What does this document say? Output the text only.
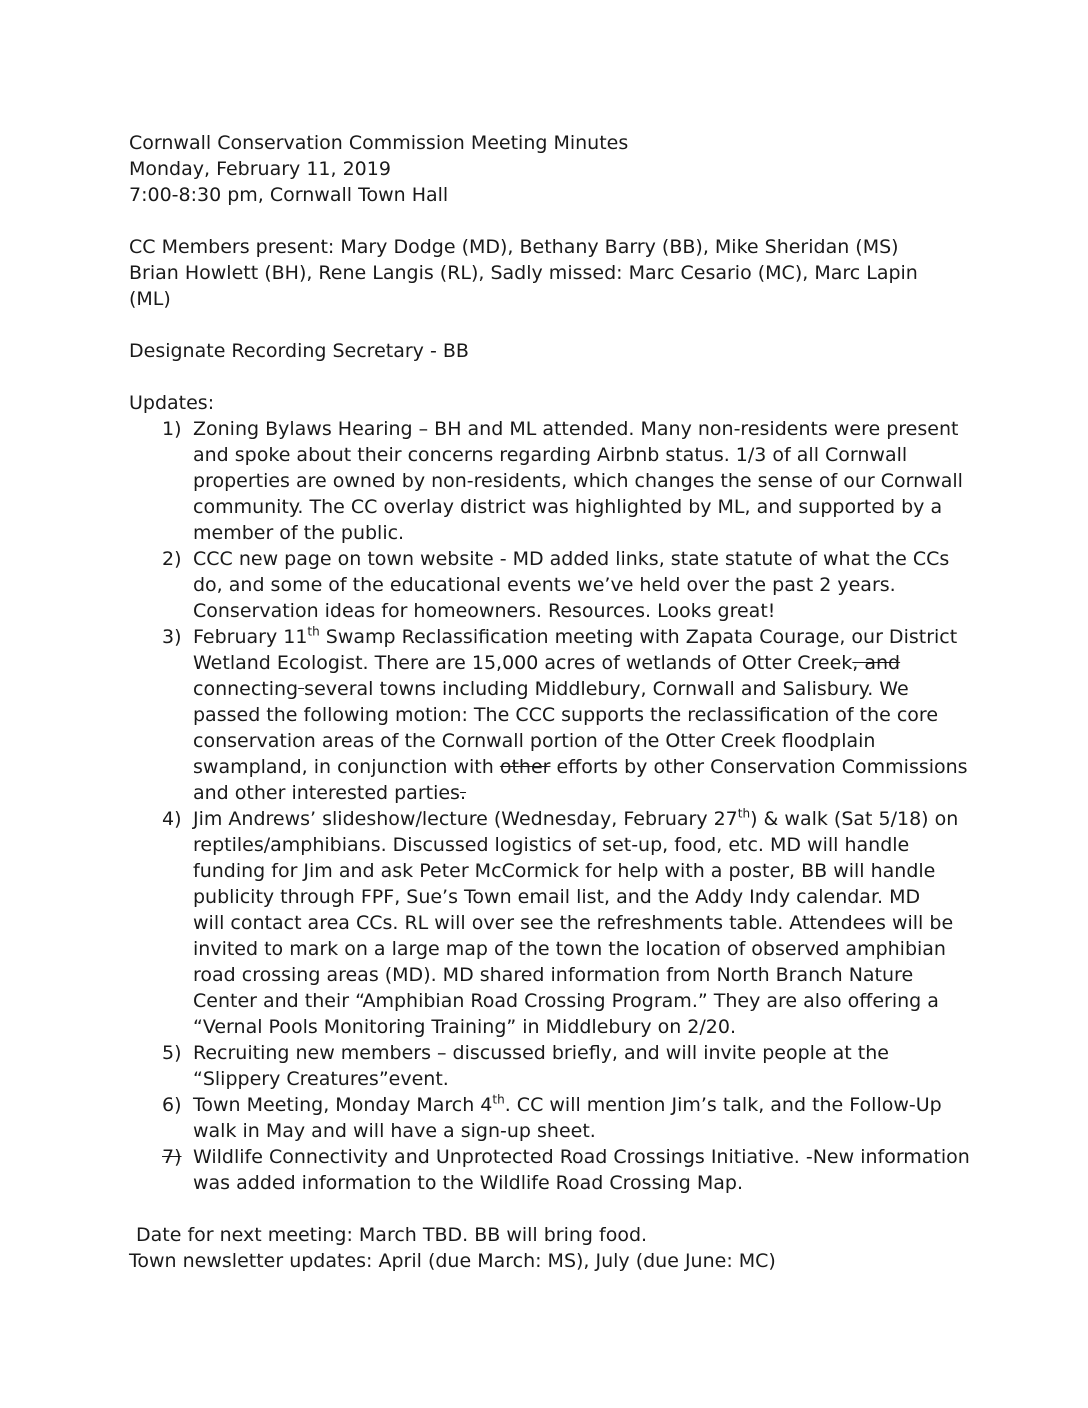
Cornwall Conservation Commission Meeting Minutes
Monday, February 11, 2019
7:00-8:30 pm, Cornwall Town Hall
CC Members present: Mary Dodge (MD), Bethany Barry (BB), Mike Sheridan (MS)
Brian Howlett (BH), Rene Langis (RL), Sadly missed: Marc Cesario (MC), Marc Lapin
(ML)
Designate Recording Secretary - BB
Updates:
1) Zoning Bylaws Hearing – BH and ML attended. Many non-residents were present
and spoke about their concerns regarding Airbnb status. 1/3 of all Cornwall
properties are owned by non-residents, which changes the sense of our Cornwall
community. The CC overlay district was highlighted by ML, and supported by a
member of the public.
2) CCC new page on town website - MD added links, state statute of what the CCs
do, and some of the educational events we’ve held over the past 2 years.
Conservation ideas for homeowners. Resources. Looks great!
3) February 11th Swamp Reclassification meeting with Zapata Courage, our District
Wetland Ecologist. There are 15,000 acres of wetlands of Otter Creek, and
connecting several towns including Middlebury, Cornwall and Salisbury. We
passed the following motion: The CCC supports the reclassification of the core
conservation areas of the Cornwall portion of the Otter Creek floodplain
swampland, in conjunction with other efforts by other Conservation Commissions
and other interested parties.
4) Jim Andrews’ slideshow/lecture (Wednesday, February 27th) & walk (Sat 5/18) on
reptiles/amphibians. Discussed logistics of set-up, food, etc. MD will handle
funding for Jim and ask Peter McCormick for help with a poster, BB will handle
publicity through FPF, Sue’s Town email list, and the Addy Indy calendar. MD
will contact area CCs. RL will over see the refreshments table. Attendees will be
invited to mark on a large map of the town the location of observed amphibian
road crossing areas (MD). MD shared information from North Branch Nature
Center and their “Amphibian Road Crossing Program.” They are also offering a
“Vernal Pools Monitoring Training” in Middlebury on 2/20.
5) Recruiting new members – discussed briefly, and will invite people at the
“Slippery Creatures”event.
6) Town Meeting, Monday March 4th. CC will mention Jim’s talk, and the Follow-Up
walk in May and will have a sign-up sheet.
7) Wildlife Connectivity and Unprotected Road Crossings Initiative. -New information
was added information to the Wildlife Road Crossing Map.
Date for next meeting: March TBD. BB will bring food.
Town newsletter updates: April (due March: MS), July (due June: MC)
